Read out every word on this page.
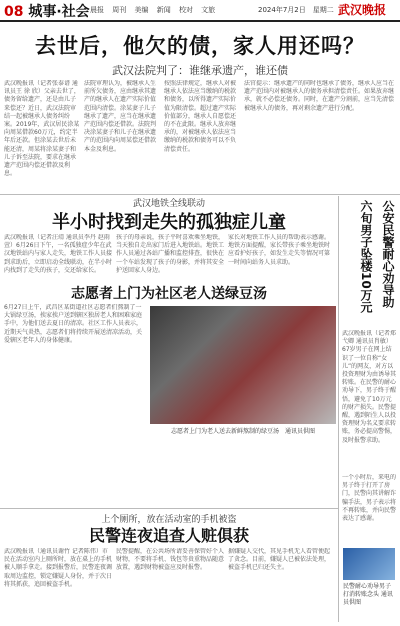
08 城事·社会 晨报 周刊 美编 新闻 校对 文旅	2024年7月2日　星期二 武汉晚报
去世后，他欠的债，家人用还吗？
武汉法院判了：谁继承遗产，谁还债
武汉晚报讯（记者张泰谱 通讯员王 徐 欣）父亲去世了，债务留给遗产，还是由儿子来偿还？近日，武汉法院审结一起被继承人债务纠纷案。2019年，武汉居民涂某向周某借款60万元，约定半年后还款。但涂某去世后未能还清，周某将涂某妻子和儿子诉至法院，要求在继承遗产范围内偿还借款及利息。
法院审理认为，被继承人生前所欠债务，应由继承其遗产的继承人在遗产实际价值范围内清偿。涂某妻子儿子继承了遗产，应当在继承遗产范围内偿还借款。法院判决涂某妻子和儿子在继承遗产的范围内向周某偿还借款本金及利息。
按照法律规定，继承人对被继承人依法应当缴纳的税款和债务，以所得遗产实际价值为限清偿。超过遗产实际价值部分，继承人自愿偿还的不在此限。继承人放弃继承的，对被继承人依法应当缴纳的税款和债务可以不负清偿责任。
法官提示：继承遗产的同时也继承了债务，继承人应当在遗产范围内对被继承人的债务承担清偿责任。如果放弃继承，就不必偿还债务。同时，在遗产分割前，应当先清偿被继承人的债务，再对剩余遗产进行分配。
六旬男子坠楼10万元 公安民警耐心劝导助
武汉晚报讯（记者郑弋卿 通讯员肖敏）67岁男子在网上结识了一位自称“女儿”的网友，对方以投资理财为由诱导其转账。在民警的耐心劝导下，男子终于醒悟，避免了10万元的财产损失。民警提醒，遇到陌生人以投资理财为名义要求转账，务必提高警惕，及时报警求助。
一个小时后，来电的男子终于打开了房门，民警向其讲解诈骗手法，男子表示将不再转账，并向民警表达了感谢。
民警耐心劝导男子打消转账念头 通讯员供图
武汉地铁全线联动
半小时找到走失的孤独症儿童
武汉晚报讯（记者汪靖 通讯员李丹 赵雨萱）6月26日下午，一名孤独症少年在武汉地铁站内与家人走失，地铁工作人员接到求助后，立即启动全线联动，在半小时内找到了走失的孩子，交还给家长。
孩子的母亲说，孩子平时喜欢乘坐地铁，当天独自走出家门后进入地铁站。地铁工作人员通过各站广播和监控排查，很快在一个车站发现了孩子的身影，并将其安全护送回家人身边。
家长对地铁工作人员的帮助表示感谢。地铁方面提醒，家长带孩子乘坐地铁时应看护好孩子，如发生走失等情况可第一时间向站务人员求助。
志愿者上门为社区老人送绿豆汤
6月27日上午，武昌区某街道社区志愿者们熬制了一大锅绿豆汤，挨家挨户送到辖区独居老人和困难家庭手中，为他们送去夏日的清凉。社区工作人员表示，近期天气炎热，志愿者们将持续开展送清凉活动，关爱辖区老年人的身体健康。
志愿者上门为老人送去新鲜熬制的绿豆汤　通讯员供图
上个厕所，放在活动室的手机被盗
民警连夜追查人赃俱获
武汉晚报讯（通讯员谢竹 记者陈伟）市民在活动室内上厕所时，放在桌上的手机被人顺手拿走。接到报警后，民警连夜调取周边监控，锁定嫌疑人身份，并于次日将其抓获，追回被盗手机。
民警提醒，在公共场所请妥善保管好个人财物，不要将手机、钱包等贵重物品随意放置，遇到财物被盗应及时报警。
据嫌疑人交代，其见手机无人看管便起了贪念。目前，嫌疑人已被依法处理，被盗手机已归还失主。
